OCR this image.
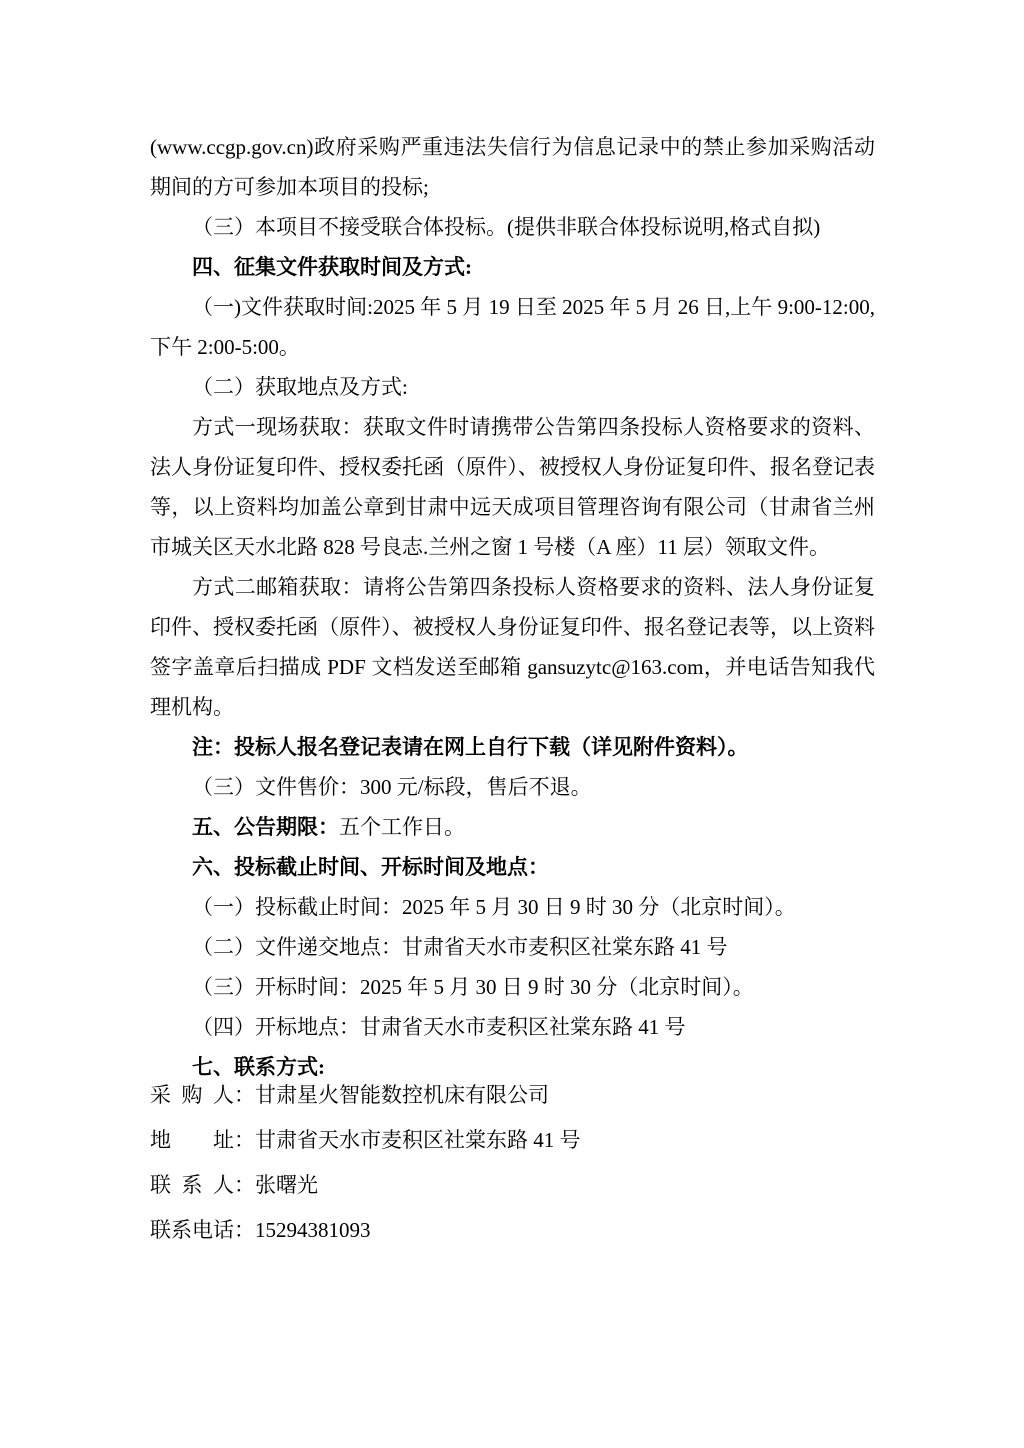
(www.ccgp.gov.cn)政府采购严重违法失信行为信息记录中的禁止参加采购活动期间的方可参加本项目的投标;

（三）本项目不接受联合体投标。(提供非联合体投标说明,格式自拟)

四、征集文件获取时间及方式:

（一)文件获取时间:2025 年 5 月 19 日至 2025 年 5 月 26 日,上午 9:00-12:00,下午 2:00-5:00。

（二）获取地点及方式:

方式一现场获取：获取文件时请携带公告第四条投标人资格要求的资料、法人身份证复印件、授权委托函（原件）、被授权人身份证复印件、报名登记表等，以上资料均加盖公章到甘肃中远天成项目管理咨询有限公司（甘肃省兰州市城关区天水北路 828 号良志.兰州之窗 1 号楼（A 座）11 层）领取文件。

方式二邮箱获取：请将公告第四条投标人资格要求的资料、法人身份证复印件、授权委托函（原件）、被授权人身份证复印件、报名登记表等，以上资料签字盖章后扫描成 PDF 文档发送至邮箱 gansuzytc@163.com，并电话告知我代理机构。

注：投标人报名登记表请在网上自行下载（详见附件资料）。

（三）文件售价：300 元/标段，售后不退。

五、公告期限：五个工作日。

六、投标截止时间、开标时间及地点：

（一）投标截止时间：2025 年 5 月 30 日 9 时 30 分（北京时间）。

（二）文件递交地点：甘肃省天水市麦积区社棠东路 41 号

（三）开标时间：2025 年 5 月 30 日 9 时 30 分（北京时间）。

（四）开标地点：甘肃省天水市麦积区社棠东路 41 号

七、联系方式:

采  购  人：甘肃星火智能数控机床有限公司

地　　址：甘肃省天水市麦积区社棠东路 41 号

联  系  人：张曙光

联系电话：15294381093
